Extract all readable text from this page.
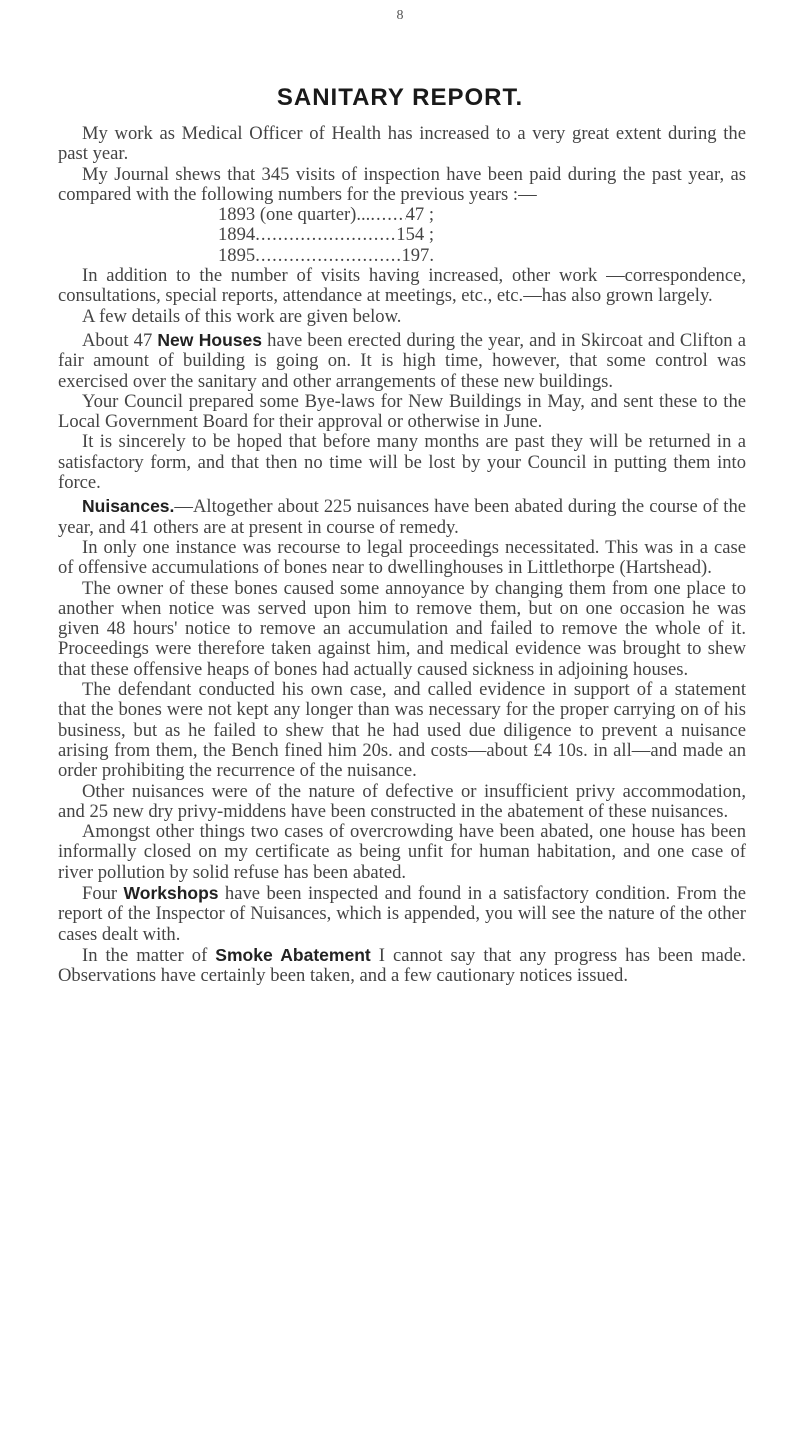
8
SANITARY REPORT.

My work as Medical Officer of Health has increased to a very great extent during the past year.

My Journal shews that 345 visits of inspection have been paid during the past year, as compared with the following numbers for the previous years :—

1893 (one quarter)... ..... 47 ;
1894 .....	154 ;
1895 .....	197.

In addition to the number of visits having increased, other work —correspondence, consultations, special reports, attendance at meetings, etc., etc.—has also grown largely.

A few details of this work are given below.

About 47 New Houses have been erected during the year, and in Skircoat and Clifton a fair amount of building is going on. It is high time, however, that some control was exercised over the sanitary and other arrangements of these new buildings.

Your Council prepared some Bye-laws for New Buildings in May, and sent these to the Local Government Board for their approval or otherwise in June.

It is sincerely to be hoped that before many months are past they will be returned in a satisfactory form, and that then no time will be lost by your Council in putting them into force.

Nuisances.—Altogether about 225 nuisances have been abated during the course of the year, and 41 others are at present in course of remedy.

In only one instance was recourse to legal proceedings necessitated. This was in a case of offensive accumulations of bones near to dwellinghouses in Littlethorpe (Hartshead).

The owner of these bones caused some annoyance by changing them from one place to another when notice was served upon him to remove them, but on one occasion he was given 48 hours' notice to remove an accumulation and failed to remove the whole of it. Proceedings were therefore taken against him, and medical evidence was brought to shew that these offensive heaps of bones had actually caused sickness in adjoining houses.

The defendant conducted his own case, and called evidence in support of a statement that the bones were not kept any longer than was necessary for the proper carrying on of his business, but as he failed to shew that he had used due diligence to prevent a nuisance arising from them, the Bench fined him 20s. and costs—about £4 10s. in all—and made an order prohibiting the recurrence of the nuisance.

Other nuisances were of the nature of defective or insufficient privy accommodation, and 25 new dry privy-middens have been constructed in the abatement of these nuisances.

Amongst other things two cases of overcrowding have been abated, one house has been informally closed on my certificate as being unfit for human habitation, and one case of river pollution by solid refuse has been abated.

Four Workshops have been inspected and found in a satisfactory condition. From the report of the Inspector of Nuisances, which is appended, you will see the nature of the other cases dealt with.

In the matter of Smoke Abatement I cannot say that any progress has been made. Observations have certainly been taken, and a few cautionary notices issued.
